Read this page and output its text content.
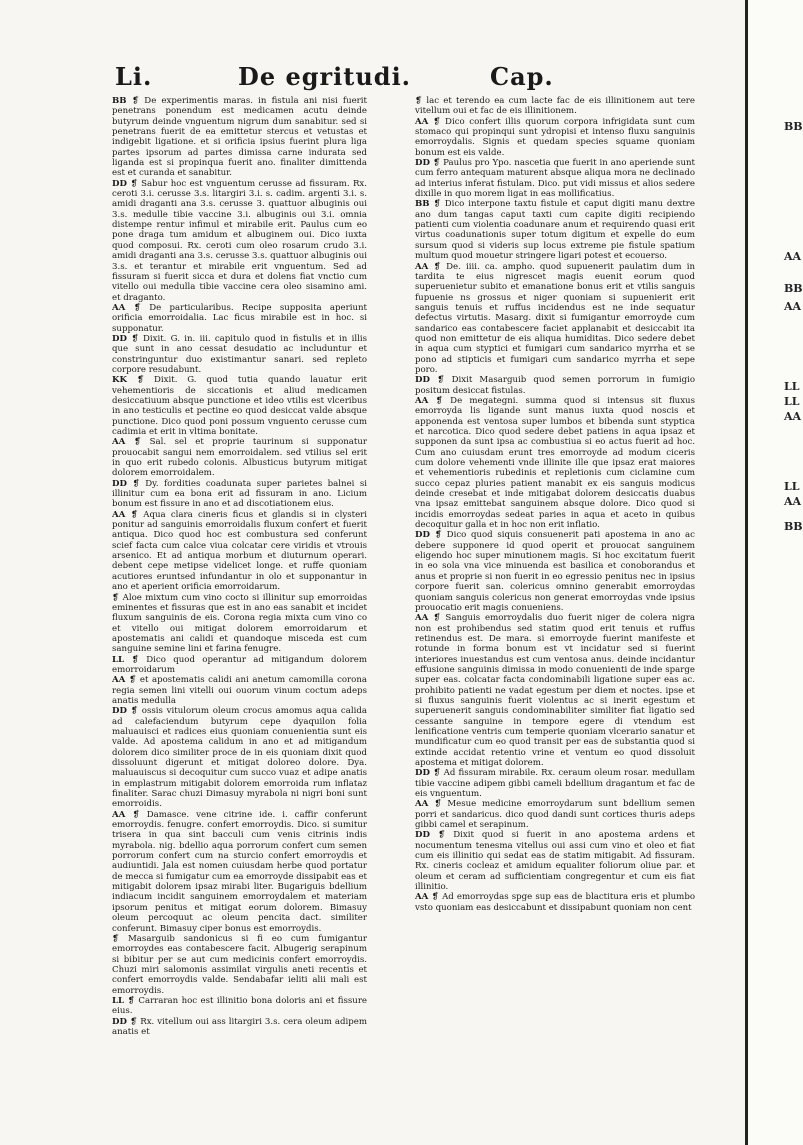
Li.	De egritudi.	Cap.

BB ❡ De experimentis maras. in fistula ani nisi fuerit penetrans ponendum est medicamen acutu deinde butyrum deinde vnguentum nigrum dum sanabitur. sed si penetrans fuerit de ea emittetur stercus et vetustas et indigebit ligatione. et si orificia ipsius fuerint plura liga partes ipsorum ad partes dimissa carne indurata sed liganda est si propinqua fuerit ano. finaliter dimittenda est et curanda et sanabitur.

DD ❡ Sabur hoc est vnguentum cerusse ad fissuram. Rx. ceroti 3.i. cerusse 3.s. litargiri 3.i. s. cadim. argenti 3.i. s. amidi draganti ana 3.s. cerusse 3. quattuor albuginis oui 3.s. medulle tibie vaccine 3.i. albuginis oui 3.i. omnia distempe rentur infimul et mirabile erit. Paulus cum eo pone draga tum amidum et albuginem oui. Dico iuxta quod composui. Rx. ceroti cum oleo rosarum crudo 3.i. amidi draganti ana 3.s. cerusse 3.s. quattuor albuginis oui 3.s. et terantur et mirabile erit vnguentum. Sed ad fissuram si fuerit sicca et dura et dolens fiat vnctio cum vitello oui medulla tibie vaccine cera oleo sisamino ami. et draganto.

AA ❡ De particularibus. Recipe supposita aperiunt orificia emorroidalia. Lac ficus mirabile est in hoc. si supponatur.

DD ❡ Dixit. G. in. iii. capitulo quod in fistulis et in illis que sunt in ano cessat desudatio ac includuntur et constringuntur duo existimantur sanari. sed repleto corpore resudabunt.

KK ❡ Dixit. G. quod tutia quando lauatur erit vehementioris de siccationis et aliud medicamen desiccatiuum absque punctione et ideo vtilis est vlceribus in ano testiculis et pectine eo quod desiccat valde absque punctione. Dico quod poni possum vnguento cerusse cum cadimia et erit in vltima bonitate.

AA ❡ Sal. sel et proprie taurinum si supponatur prouocabit sangui nem emorroidalem. sed vtilius sel erit in quo erit rubedo colonis. Albusticus butyrum mitigat dolorem emorroidalem.

DD ❡ Dy. fordities coadunata super parietes balnei si illinitur cum ea bona erit ad fissuram in ano. Licium bonum est fissure in ano et ad discotiationem eius.

AA ❡ Aqua clara cineris ficus et glandis si in clysteri ponitur ad sanguinis emorroidalis fluxum confert et fuerit antiqua. Dico quod hoc est combustura sed conferunt scief facta cum calce viua colcatar cere viridis et vtrouis arsenico. Et ad antiqua morbum et diuturnum operari. debent cepe metipse videlicet longe. et ruffe quoniam acutiores eruntsed infundantur in olo et supponantur in ano et aperient orificia emorroidarum.

❡ Aloe mixtum cum vino cocto si illinitur sup emorroidas eminentes et fissuras que est in ano eas sanabit et incidet fluxum sanguinis de eis. Corona regia mixta cum vino co et vitello oui mitigat dolorem emorroidarum et apostematis ani calidi et quandoque misceda est cum sanguine semine lini et farina fenugre.

LL ❡ Dico quod operantur ad mitigandum dolorem emorroidarum

AA ❡ et apostematis calidi ani anetum camomilla corona regia semen lini vitelli oui ouorum vinum coctum adeps anatis medulla

DD ❡ ossis vitulorum oleum crocus amomus aqua calida ad calefaciendum butyrum cepe dyaquilon folia maluauisci et radices eius quoniam conuenientia sunt eis valde. Ad apostema calidum in ano et ad mitigandum dolorem dico similiter proce de in eis quoniam dixit quod dissoluunt digerunt et mitigat doloreo dolore. Dya. maluauiscus si decoquitur cum succo vuaz et adipe anatis in emplastrum mitigabit dolorem emorroida rum inflataz finaliter. Sarac chuzi Dimasuy myrabola ni nigri boni sunt emorroidis.

AA ❡ Damasce. vene citrine ide. i. caffir conferunt emorroydis. fenugre. confert emorroydis. Dico. si sumitur trisera in qua sint bacculi cum venis citrinis indis myrabola. nig. bdellio aqua porrorum confert cum semen porrorum confert cum na sturcio confert emorroydis et audiuntidi. Jala est nomen cuiusdam herbe quod portatur de mecca si fumigatur cum ea emorroyde dissipabit eas et mitigabit dolorem ipsaz mirabi liter. Bugariguis bdellium indiacum incidit sanguinem emorroydalem et materiam ipsorum penitus et mitigat eorum dolorem. Bimasuy oleum percoquut ac oleum pencita dact. similiter conferunt. Bimasuy ciper bonus est emorroydis.

❡ Masarguib sandonicus si fi eo cum fumigantur emorroydes eas contabescere facit. Albugerig serapinum si bibitur per se aut cum medicinis confert emorroydis. Chuzi miri salomonis assimilat virgulis aneti recentis et confert emorroydis valde. Sendabafar ieliti alii mali est emorroydis.

LL ❡ Carraran hoc est illinitio bona doloris ani et fissure eius.

DD ❡ Rx. vitellum oui ass litargiri 3.s. cera oleum adipem anatis et

❡ lac et terendo ea cum lacte fac de eis illinitionem aut tere vitellum oui et fac de eis illinitionem.

AA ❡ Dico confert illis quorum corpora infrigidata sunt cum stomaco qui propinqui sunt ydropisi et intenso fluxu sanguinis emorroydalis. Signis et quedam species squame quoniam bonum est eis valde.

DD ❡ Paulus pro Ypo. nascetia que fuerit in ano aperiende sunt cum ferro antequam maturent absque aliqua mora ne declinado ad interius inferat fistulam. Dico. put vidi missus et alios sedere dixille in quo morem ligat in eas mollificatius.

BB ❡ Dico interpone taxtu fistule et caput digiti manu dextre ano dum tangas caput taxti cum capite digiti recipiendo patienti cum violentia coadunare anum et requirendo quasi erit virtus coadunationis super totum digitum et expelle do eum sursum quod si videris sup locus extreme pie fistule spatium multum quod mouetur stringere ligari potest et ecouerso.

AA ❡ De. iiii. ca. ampho. quod supuenerit paulatim dum in tardita te eius nigrescet magis euenit eorum quod superuenietur subito et emanatione bonus erit et vtilis sanguis fupuenie ns grossus et niger quoniam si supuenierit erit sanguis tenuis et ruffus incidendus est ne inde sequatur defectus virtutis. Masarg. dixit si fumigantur emorroyde cum sandarico eas contabescere faciet applanabit et desiccabit ita quod non emittetur de eis aliqua humiditas. Dico sedere debet in aqua cum styptici et fumigari cum sandarico myrrha et se pono ad stipticis et fumigari cum sandarico myrrha et sepe poro.

DD ❡ Dixit Masarguib quod semen porrorum in fumigio positum desiccat fistulas.

AA ❡ De megategni. summa quod si intensus sit fluxus emorroyda lis ligande sunt manus iuxta quod noscis et apponenda est ventosa super lumbos et bibenda sunt styptica et narcotica. Dico quod sedere debet patiens in aqua ipsaz et supponen da sunt ipsa ac combustiua si eo actus fuerit ad hoc. Cum ano cuiusdam erunt tres emorroyde ad modum ciceris cum dolore vehementi vnde illinite ille que ipsaz erat maiores et vehementioris rubedinis et repletionis cum ciclamine cum succo cepaz pluries patient manabit ex eis sanguis modicus deinde cresebat et inde mitigabat dolorem desiccatis duabus vna ipsaz emittebat sanguinem absque dolore. Dico quod si incidis emorroydas sedeat paries in aqua et aceto in quibus decoquitur galla et in hoc non erit inflatio.

DD ❡ Dico quod siquis consuenerit pati apostema in ano ac debere supponere id quod operit et prouocat sanguinem eligendo hoc super minutionem magis. Si hoc excitatum fuerit in eo sola vna vice minuenda est basilica et conoborandus et anus et proprie si non fuerit in eo egressio penitus nec in ipsius corpore fuerit san. colericus omnino generabit emorroydas quoniam sanguis colericus non generat emorroydas vnde ipsius prouocatio erit magis conueniens.

AA ❡ Sanguis emorroydalis duo fuerit niger de colera nigra non est prohibendus sed statim quod erit tenuis et ruffus retinendus est. De mara. si emorroyde fuerint manifeste et rotunde in forma bonum est vt incidatur sed si fuerint interiores inuestandus est cum ventosa anus. deinde incidantur effusione sanguinis dimissa in modo conuenienti de inde sparge super eas. colcatar facta condominabili ligatione super eas ac. prohibito patienti ne vadat egestum per diem et noctes. ipse et si fluxus sanguinis fuerit violentus ac si inerit egestum et superuenerit sanguis condominabiliter similiter fiat ligatio sed cessante sanguine in tempore egere di vtendum est lenificatione ventris cum temperie quoniam vlcerario sanatur et mundificatur cum eo quod transit per eas de substantia quod si extinde accidat retentio vrine et ventum eo quod dissoluit apostema et mitigat dolorem.

DD ❡ Ad fissuram mirabile. Rx. ceraum oleum rosar. medullam tibie vaccine adipem gibbi cameli bdellium dragantum et fac de eis vnguentum.

AA ❡ Mesue medicine emorroydarum sunt bdellium semen porri et sandaricus. dico quod dandi sunt cortices thuris adeps gibbi camel et serapinum.

DD ❡ Dixit quod si fuerit in ano apostema ardens et nocumentum tenesma vitellus oui assi cum vino et oleo et fiat cum eis illinitio qui sedat eas de statim mitigabit. Ad fissuram. Rx. cineris cocleaz et amidum equaliter foliorum oliue par. et oleum et ceram ad sufficientiam congregentur et cum eis fiat illinitio.

AA ❡ Ad emorroydas spge sup eas de blactitura eris et plumbo vsto quoniam eas desiccabunt et dissipabunt quoniam non cent

BB
AA
BB
AA
LL
LL
AA
LL
AA
BB
